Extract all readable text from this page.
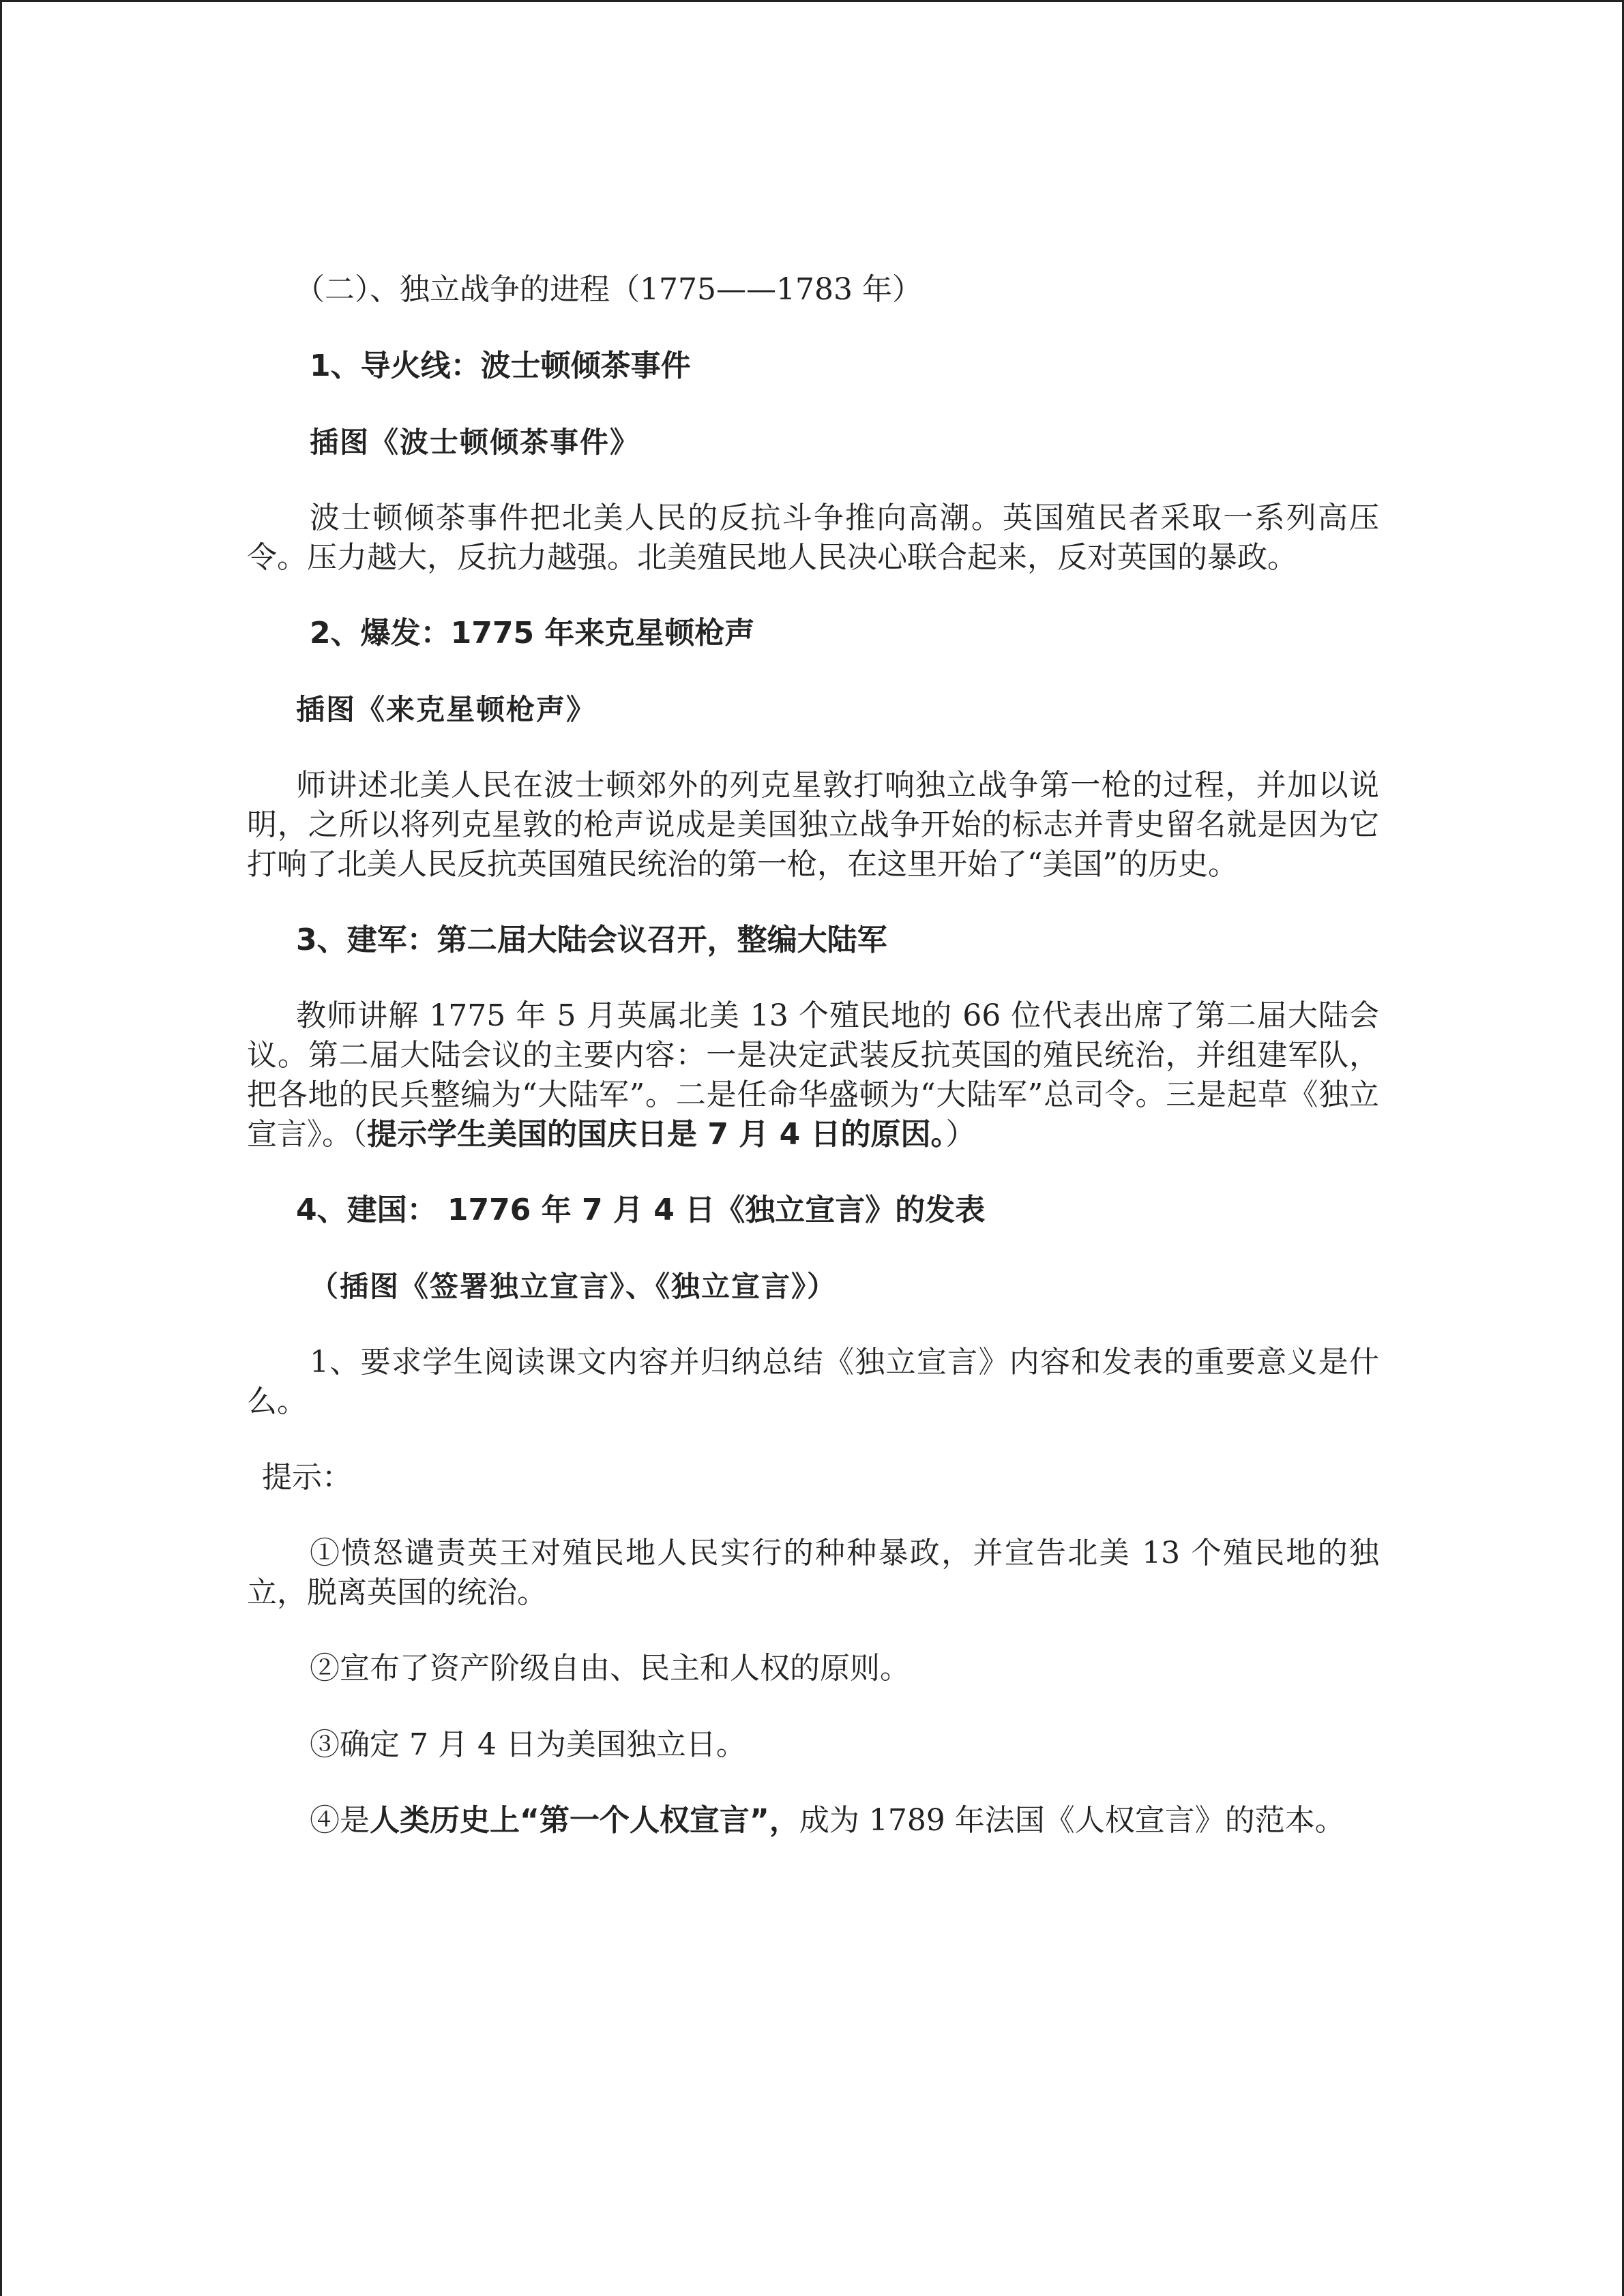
（二）、独立战争的进程（1775——1783 年）
1、导火线：波士顿倾茶事件
插图《波士顿倾茶事件》
波士顿倾茶事件把北美人民的反抗斗争推向高潮。英国殖民者采取一系列高压令。压力越大，反抗力越强。北美殖民地人民决心联合起来，反对英国的暴政。
2、爆发：1775 年来克星顿枪声
插图《来克星顿枪声》
师讲述北美人民在波士顿郊外的列克星敦打响独立战争第一枪的过程，并加以说明，之所以将列克星敦的枪声说成是美国独立战争开始的标志并青史留名就是因为它打响了北美人民反抗英国殖民统治的第一枪，在这里开始了“美国”的历史。
3、建军：第二届大陆会议召开，整编大陆军
教师讲解 1775 年 5 月英属北美 13 个殖民地的 66 位代表出席了第二届大陆会议。第二届大陆会议的主要内容：一是决定武装反抗英国的殖民统治，并组建军队，把各地的民兵整编为“大陆军”。二是任命华盛顿为“大陆军”总司令。三是起草《独立宣言》。（提示学生美国的国庆日是 7 月 4 日的原因。）
4、建国： 1776 年 7 月 4 日《独立宣言》的发表
（插图《签署独立宣言》、《独立宣言》）
1、要求学生阅读课文内容并归纳总结《独立宣言》内容和发表的重要意义是什么。
提示：
①愤怒谴责英王对殖民地人民实行的种种暴政，并宣告北美 13 个殖民地的独立，脱离英国的统治。
②宣布了资产阶级自由、民主和人权的原则。
③确定 7 月 4 日为美国独立日。
④是人类历史上“第一个人权宣言”，成为 1789 年法国《人权宣言》的范本。
